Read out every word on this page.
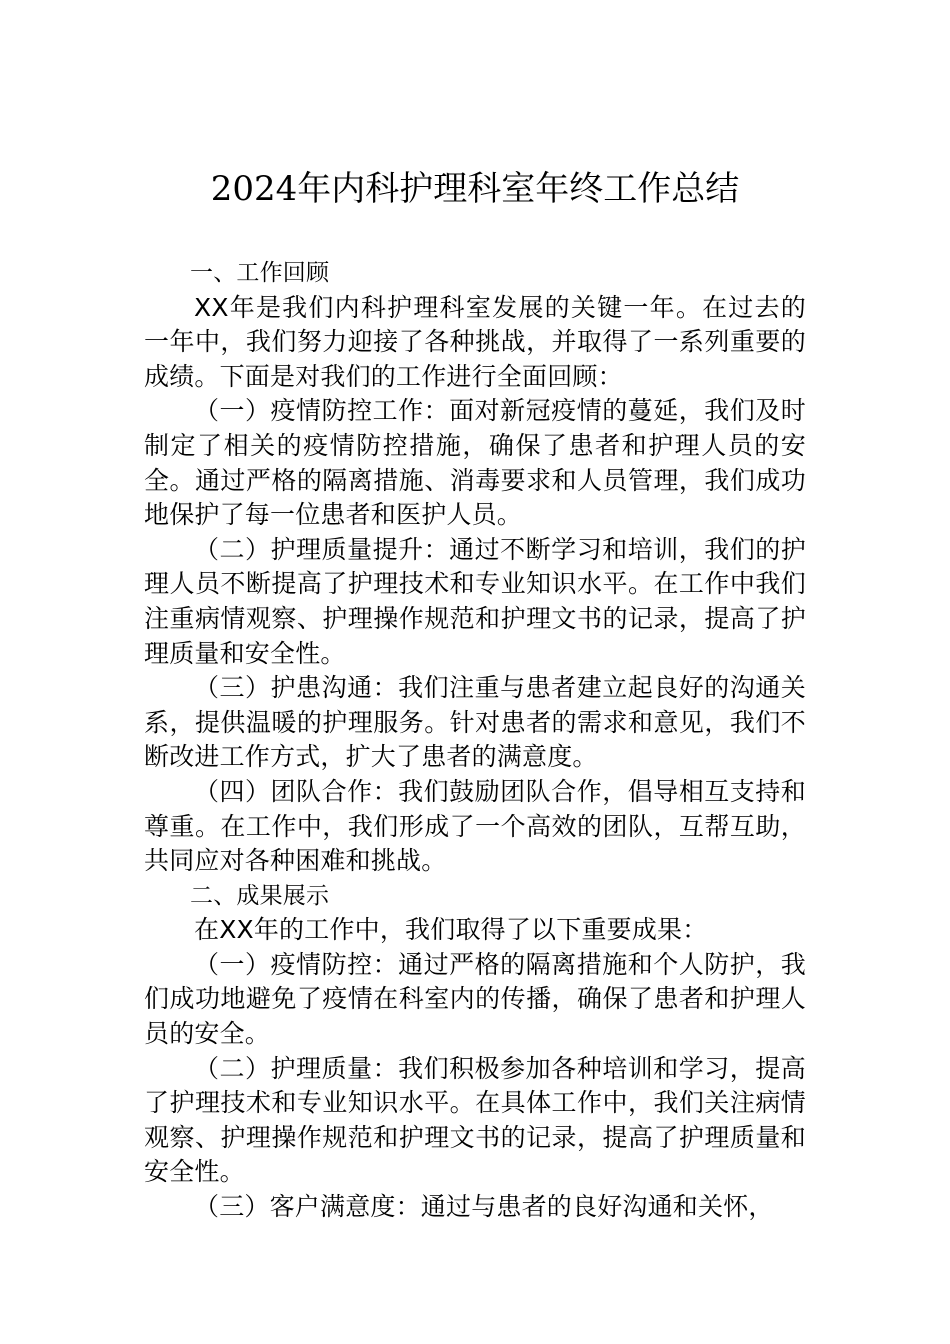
2024年内科护理科室年终工作总结

一、工作回顾

XX年是我们内科护理科室发展的关键一年。在过去的一年中，我们努力迎接了各种挑战，并取得了一系列重要的成绩。下面是对我们的工作进行全面回顾：

（一）疫情防控工作：面对新冠疫情的蔓延，我们及时制定了相关的疫情防控措施，确保了患者和护理人员的安全。通过严格的隔离措施、消毒要求和人员管理，我们成功地保护了每一位患者和医护人员。

（二）护理质量提升：通过不断学习和培训，我们的护理人员不断提高了护理技术和专业知识水平。在工作中我们注重病情观察、护理操作规范和护理文书的记录，提高了护理质量和安全性。

（三）护患沟通：我们注重与患者建立起良好的沟通关系，提供温暖的护理服务。针对患者的需求和意见，我们不断改进工作方式，扩大了患者的满意度。

（四）团队合作：我们鼓励团队合作，倡导相互支持和尊重。在工作中，我们形成了一个高效的团队，互帮互助，共同应对各种困难和挑战。

二、成果展示

在XX年的工作中，我们取得了以下重要成果：

（一）疫情防控：通过严格的隔离措施和个人防护，我们成功地避免了疫情在科室内的传播，确保了患者和护理人员的安全。

（二）护理质量：我们积极参加各种培训和学习，提高了护理技术和专业知识水平。在具体工作中，我们关注病情观察、护理操作规范和护理文书的记录，提高了护理质量和安全性。

（三）客户满意度：通过与患者的良好沟通和关怀，
